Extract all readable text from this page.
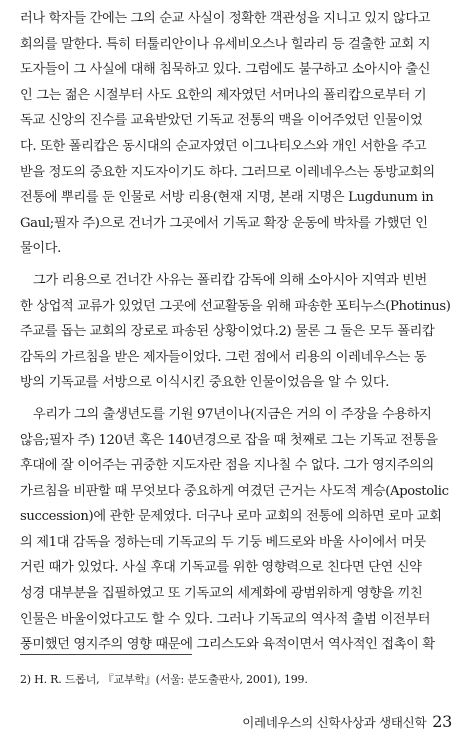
러나 학자들 간에는 그의 순교 사실이 정확한 객관성을 지니고 있지 않다고
회의를 말한다. 특히 터툴리안이나 유세비오스나 힐라리 등 걸출한 교회 지
도자들이 그 사실에 대해 침묵하고 있다. 그럼에도 불구하고 소아시아 출신
인 그는 젊은 시절부터 사도 요한의 제자였던 서머나의 폴리캅으로부터 기
독교 신앙의 진수를 교육받았던 기독교 전통의 맥을 이어주었던 인물이었
다. 또한 폴리캅은 동시대의 순교자였던 이그나티오스와 개인 서한을 주고
받을 정도의 중요한 지도자이기도 하다. 그러므로 이레네우스는 동방교회의
전통에 뿌리를 둔 인물로 서방 리용(현재 지명, 본래 지명은 Lugdunum in
Gaul;필자 주)으로 건너가 그곳에서 기독교 확장 운동에 박차를 가했던 인
물이다.
그가 리용으로 건너간 사유는 폴리캅 감독에 의해 소아시아 지역과 빈번
한 상업적 교류가 있었던 그곳에 선교활동을 위해 파송한 포티누스(Photinus)
주교를 돕는 교회의 장로로 파송된 상황이었다.2) 물론 그 둘은 모두 폴리캅
감독의 가르침을 받은 제자들이었다. 그런 점에서 리용의 이레네우스는 동
방의 기독교를 서방으로 이식시킨 중요한 인물이었음을 알 수 있다.
우리가 그의 출생년도를 기원 97년이나(지금은 거의 이 주장을 수용하지
않음;필자 주) 120년 혹은 140년경으로 잡을 때 첫째로 그는 기독교 전통을
후대에 잘 이어주는 귀중한 지도자란 점을 지나칠 수 없다. 그가 영지주의의
가르침을 비판할 때 무엇보다 중요하게 여겼던 근거는 사도적 계승(Apostolic
succession)에 관한 문제였다. 더구나 로마 교회의 전통에 의하면 로마 교회
의 제1대 감독을 정하는데 기독교의 두 기둥 베드로와 바울 사이에서 머뭇
거린 때가 있었다. 사실 후대 기독교를 위한 영향력으로 친다면 단연 신약
성경 대부분을 집필하였고 또 기독교의 세계화에 광범위하게 영향을 끼친
인물은 바울이었다고도 할 수 있다. 그러나 기독교의 역사적 출범 이전부터
풍미했던 영지주의 영향 때문에 그리스도와 육적이면서 역사적인 접촉이 확
2) H. R. 드롭너, 『교부학』(서울: 분도출판사, 2001), 199.
이레네우스의 신학사상과 생태신학 23
